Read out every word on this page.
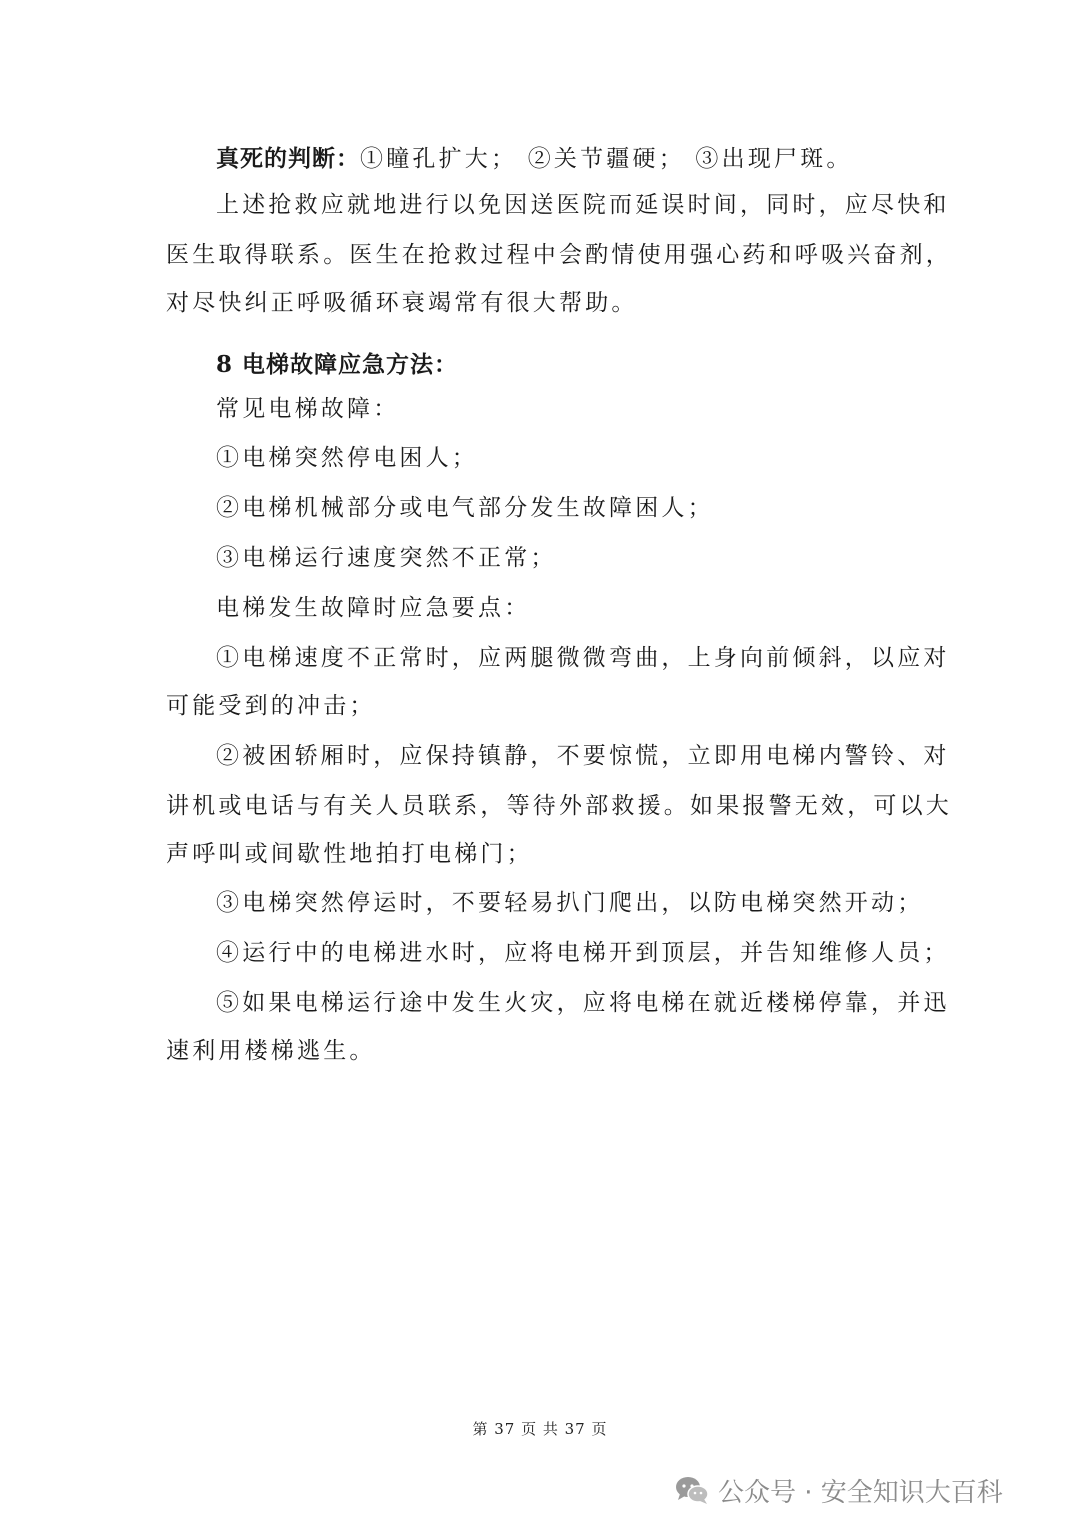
真死的判断：①瞳孔扩大； ②关节疆硬； ③出现尸斑。
上述抢救应就地进行以免因送医院而延误时间，同时，应尽快和
医生取得联系。医生在抢救过程中会酌情使用强心药和呼吸兴奋剂，
对尽快纠正呼吸循环衰竭常有很大帮助。
8 电梯故障应急方法：
常见电梯故障：
①电梯突然停电困人；
②电梯机械部分或电气部分发生故障困人；
③电梯运行速度突然不正常；
电梯发生故障时应急要点：
①电梯速度不正常时，应两腿微微弯曲，上身向前倾斜，以应对
可能受到的冲击；
②被困轿厢时，应保持镇静，不要惊慌，立即用电梯内警铃、对
讲机或电话与有关人员联系，等待外部救援。如果报警无效，可以大
声呼叫或间歇性地拍打电梯门；
③电梯突然停运时，不要轻易扒门爬出，以防电梯突然开动；
④运行中的电梯进水时，应将电梯开到顶层，并告知维修人员；
⑤如果电梯运行途中发生火灾，应将电梯在就近楼梯停靠，并迅
速利用楼梯逃生。
第 37 页 共 37 页
公众号 · 安全知识大百科
